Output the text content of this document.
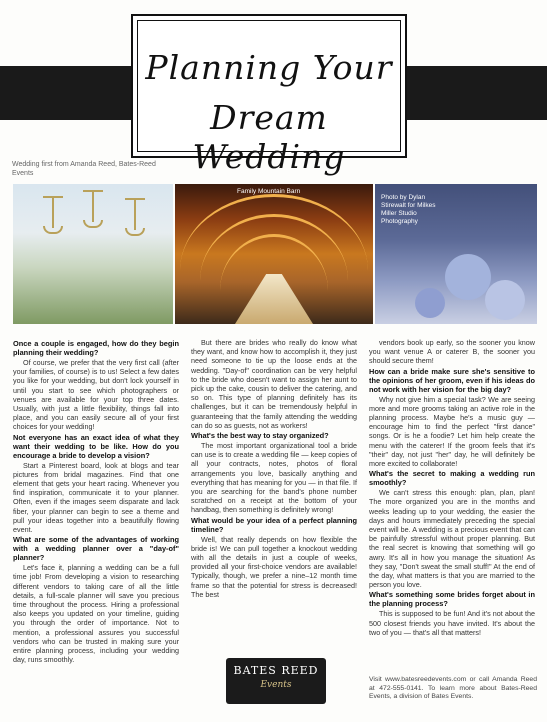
Planning Your
Dream Wedding
Wedding first from Amanda Reed, Bates-Reed Events
Family Mountain Barn
Photo by Dylan Stirewalt for Milkes Miller Studio Photography
Once a couple is engaged, how do they begin planning their wedding?

Of course, we prefer that the very first call (after your families, of course) is to us! Select a few dates you like for your wedding, but don't lock yourself in until you start to see which photographers or venues are available for your top three dates. Usually, with just a little flexibility, things fall into place, and you can easily secure all of your first choices for your wedding!

Not everyone has an exact idea of what they want their wedding to be like. How do you encourage a bride to develop a vision?

Start a Pinterest board, look at blogs and tear pictures from bridal magazines. Find that one element that gets your heart racing. Whenever you find inspiration, communicate it to your planner. Often, even if the images seem disparate and lack fiber, your planner can begin to see a theme and pull your ideas together into a beautifully flowing event.

What are some of the advantages of working with a wedding planner over a "day-of" planner?

Let's face it, planning a wedding can be a full time job! From developing a vision to researching different vendors to taking care of all the little details, a full-scale planner will save you precious time throughout the process. Hiring a professional also keeps you updated on your timeline, guiding you through the order of importance. Not to mention, a professional assures you successful vendors who can be trusted in making sure your entire planning process, including your wedding day, runs smoothly.

But there are brides who really do know what they want, and know how to accomplish it, they just need someone to tie up the loose ends at the wedding. "Day-of" coordination can be very helpful to the bride who doesn't want to assign her aunt to pick up the cake, cousin to deliver the catering, and so on. This type of planning definitely has its challenges, but it can be tremendously helpful in guaranteeing that the family attending the wedding can do so as guests, not as workers!

What's the best way to stay organized?

The most important organizational tool a bride can use is to create a wedding file — keep copies of all your contracts, notes, photos of floral arrangements you love, basically anything and everything that has meaning for you — in that file. If you are searching for the band's phone number scratched on a receipt at the bottom of your handbag, then something is definitely wrong!

What would be your idea of a perfect planning timeline?

Well, that really depends on how flexible the bride is! We can pull together a knockout wedding with all the details in just a couple of weeks, provided all your first-choice vendors are available! Typically, though, we prefer a nine–12 month time frame so that the potential for stress is decreased! The best

vendors book up early, so the sooner you know you want venue A or caterer B, the sooner you should secure them!

How can a bride make sure she's sensitive to the opinions of her groom, even if his ideas do not work with her vision for the big day?

Why not give him a special task? We are seeing more and more grooms taking an active role in the planning process. Maybe he's a music guy — encourage him to find the perfect "first dance" songs. Or is he a foodie? Let him help create the menu with the caterer! If the groom feels that it's "their" day, not just "her" day, he will definitely be more excited to collaborate!

What's the secret to making a wedding run smoothly?

We can't stress this enough: plan, plan, plan! The more organized you are in the months and weeks leading up to your wedding, the easier the days and hours immediately preceding the special event will be. A wedding is a precious event that can be painfully stressful without proper planning. But the real secret is knowing that something will go awry. It's all in how you manage the situation! As they say, "Don't sweat the small stuff!" At the end of the day, what matters is that you are married to the person you love.

What's something some brides forget about in the planning process?

This is supposed to be fun! And it's not about the 500 closest friends you have invited. It's about the two of you — that's all that matters!

BATES REED
Events
Visit www.batesreedevents.com or call Amanda Reed at 472-555-0141. To learn more about Bates-Reed Events, a division of Bates Events.
